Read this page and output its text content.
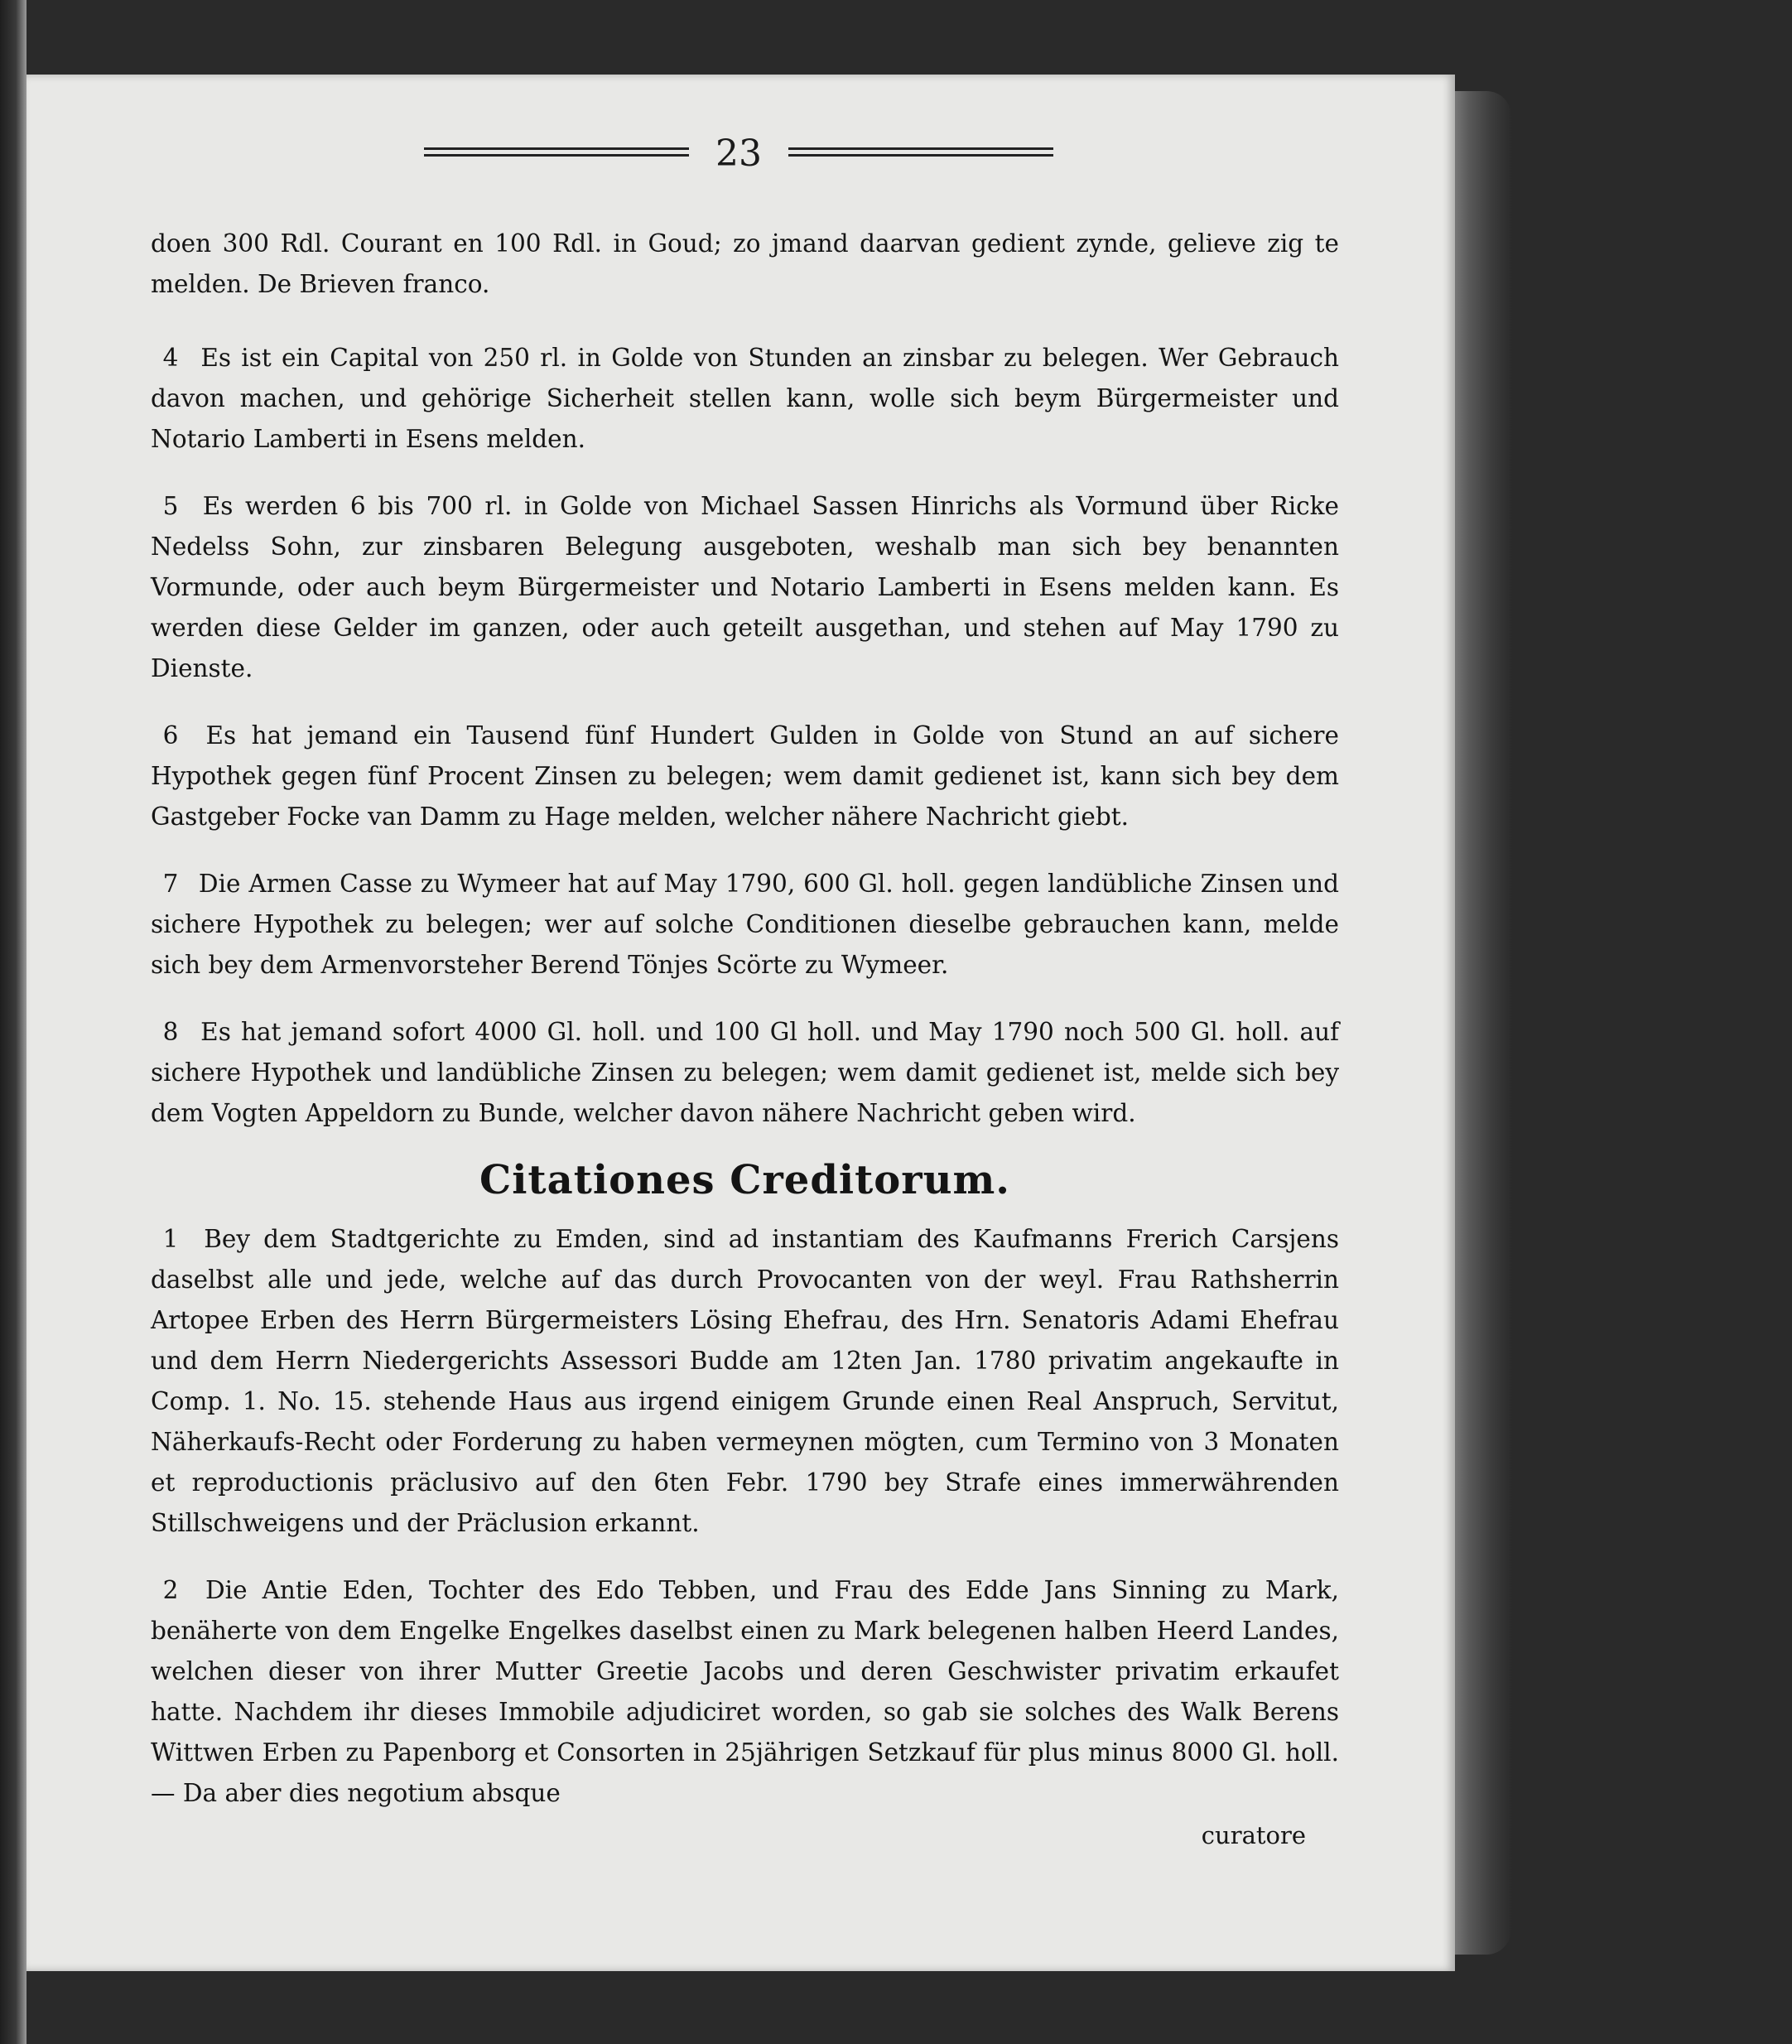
23

doen 300 Rdl. Courant en 100 Rdl. in Goud; zo jmand daarvan gedient zynde, gelieve zig te melden. De Brieven franco.

4 Es ist ein Capital von 250 rl. in Golde von Stunden an zinsbar zu belegen. Wer Gebrauch davon machen, und gehörige Sicherheit stellen kann, wolle sich beym Bürgermeister und Notario Lamberti in Esens melden.

5 Es werden 6 bis 700 rl. in Golde von Michael Sassen Hinrichs als Vormund über Ricke Nedelss Sohn, zur zinsbaren Belegung ausgeboten, weshalb man sich bey benannten Vormunde, oder auch beym Bürgermeister und Notario Lamberti in Esens melden kann. Es werden diese Gelder im ganzen, oder auch geteilt ausgethan, und stehen auf May 1790 zu Dienste.

6 Es hat jemand ein Tausend fünf Hundert Gulden in Golde von Stund an auf sichere Hypothek gegen fünf Procent Zinsen zu belegen; wem damit gedienet ist, kann sich bey dem Gastgeber Focke van Damm zu Hage melden, welcher nähere Nachricht giebt.

7 Die Armen Casse zu Wymeer hat auf May 1790, 600 Gl. holl. gegen landübliche Zinsen und sichere Hypothek zu belegen; wer auf solche Conditionen dieselbe gebrauchen kann, melde sich bey dem Armenvorsteher Berend Tönjes Scörte zu Wymeer.

8 Es hat jemand sofort 4000 Gl. holl. und 100 Gl holl. und May 1790 noch 500 Gl. holl. auf sichere Hypothek und landübliche Zinsen zu belegen; wem damit gedienet ist, melde sich bey dem Vogten Appeldorn zu Bunde, welcher davon nähere Nachricht geben wird.

Citationes Creditorum.

1 Bey dem Stadtgerichte zu Emden, sind ad instantiam des Kaufmanns Frerich Carsjens daselbst alle und jede, welche auf das durch Provocanten von der weyl. Frau Rathsherrin Artopee Erben des Herrn Bürgermeisters Lösing Ehefrau, des Hrn. Senatoris Adami Ehefrau und dem Herrn Niedergerichts Assessori Budde am 12ten Jan. 1780 privatim angekaufte in Comp. 1. No. 15. stehende Haus aus irgend einigem Grunde einen Real Anspruch, Servitut, Näherkaufs-Recht oder Forderung zu haben vermeynen mögten, cum Termino von 3 Monaten et reproductionis präclusivo auf den 6ten Febr. 1790 bey Strafe eines immerwährenden Stillschweigens und der Präclusion erkannt.

2 Die Antie Eden, Tochter des Edo Tebben, und Frau des Edde Jans Sinning zu Mark, benäherte von dem Engelke Engelkes daselbst einen zu Mark belegenen halben Heerd Landes, welchen dieser von ihrer Mutter Greetie Jacobs und deren Geschwister privatim erkaufet hatte. Nachdem ihr dieses Immobile adjudiciret worden, so gab sie solches des Walk Berens Wittwen Erben zu Papenborg et Consorten in 25jährigen Setzkauf für plus minus 8000 Gl. holl. — Da aber dies negotium absque

curatore
